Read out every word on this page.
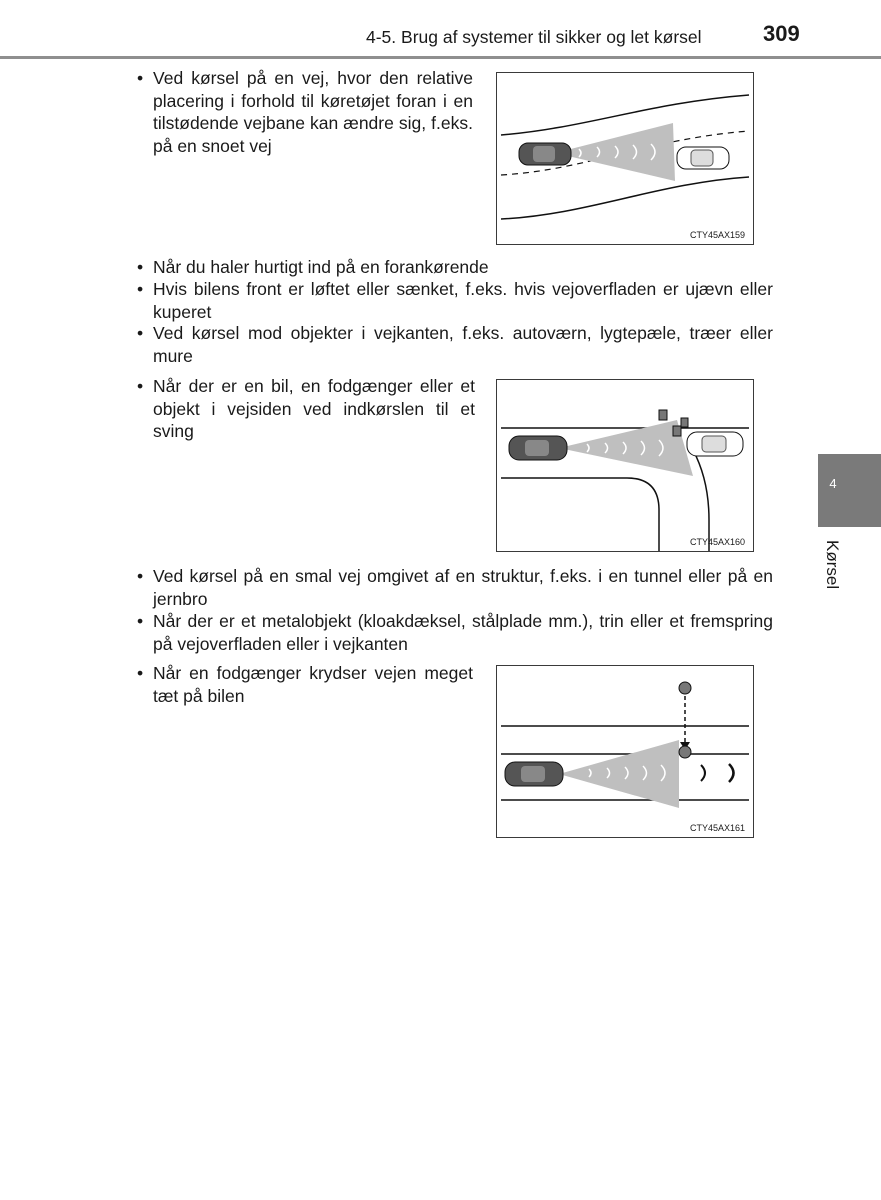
4-5. Brug af systemer til sikker og let kørsel	309
• Ved kørsel på en vej, hvor den relative placering i forhold til køretøjet foran i en tilstødende vejbane kan ændre sig, f.eks. på en snoet vej
CTY45AX159
• Når du haler hurtigt ind på en forankørende
• Hvis bilens front er løftet eller sænket, f.eks. hvis vejoverfladen er ujævn eller kuperet
• Ved kørsel mod objekter i vejkanten, f.eks. autoværn, lygtepæle, træer eller mure
• Når der er en bil, en fodgænger eller et objekt i vejsiden ved indkørslen til et sving
CTY45AX160
• Ved kørsel på en smal vej omgivet af en struktur, f.eks. i en tunnel eller på en jernbro
• Når der er et metalobjekt (kloakdæksel, stålplade mm.), trin eller et fremspring på vejoverfladen eller i vejkanten
• Når en fodgænger krydser vejen meget tæt på bilen
CTY45AX161
4
Kørsel
